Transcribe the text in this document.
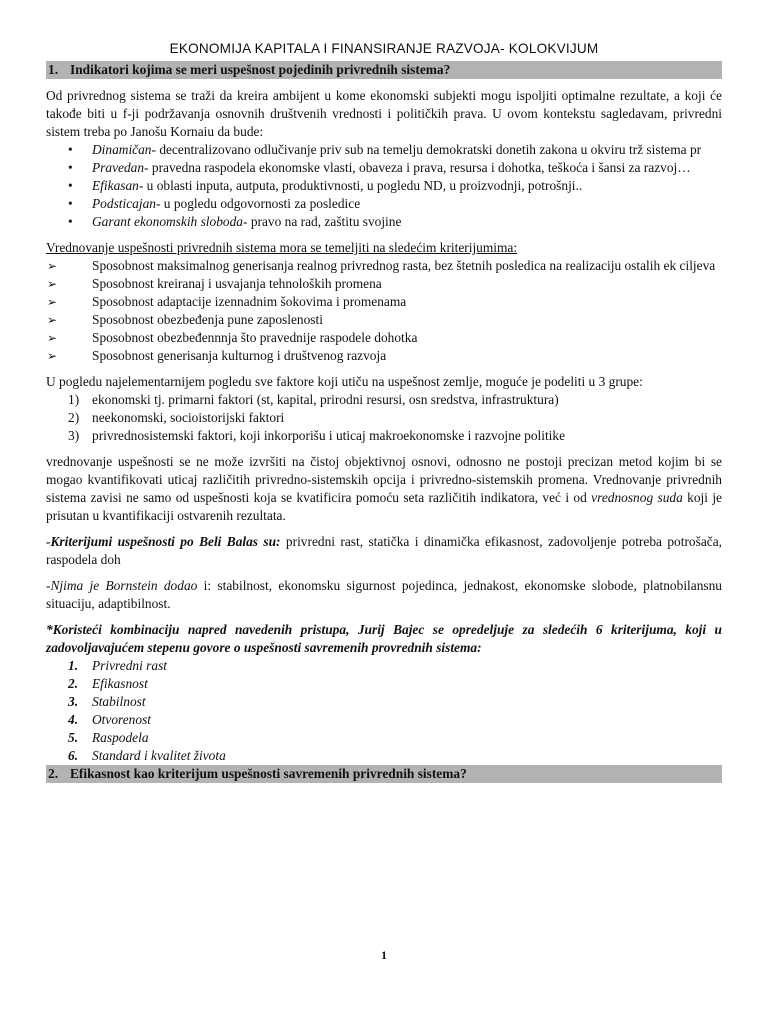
EKONOMIJA KAPITALA I FINANSIRANJE RAZVOJA- KOLOKVIJUM
1. Indikatori kojima se meri uspešnost pojedinih privrednih sistema?

Od privrednog sistema se traži da kreira ambijent u kome ekonomski subjekti mogu ispoljiti optimalne rezultate, a koji će takođe biti u f-ji podržavanja osnovnih društvenih vrednosti i političkih prava. U ovom kontekstu sagledavam, privredni sistem treba po Janošu Kornaiu da bude:

• Dinamičan- decentralizovano odlučivanje priv sub na temelju demokratski donetih zakona u okviru trž sistema pr
• Pravedan- pravedna raspodela ekonomske vlasti, obaveza i prava, resursa i dohotka, teškoća i šansi za razvoj…
• Efikasan- u oblasti inputa, autputa, produktivnosti, u pogledu ND, u proizvodnji, potrošnji..
• Podsticajan- u pogledu odgovornosti za posledice
• Garant ekonomskih sloboda- pravo na rad, zaštitu svojine

Vrednovanje uspešnosti privrednih sistema mora se temeljiti na sledećim kriterijumima:

➢	Sposobnost maksimalnog generisanja realnog privrednog rasta, bez štetnih posledica na realizaciju ostalih ek ciljeva
➢	Sposobnost kreiranaj i usvajanja tehnoloških promena
➢	Sposobnost adaptacije izennadnim šokovima i promenama
➢	Sposobnost obezbeđenja pune zaposlenosti
➢	Sposobnost obezbeđennnja što pravednije raspodele dohotka
➢	Sposobnost generisanja kulturnog i društvenog razvoja

U pogledu najelementarnijem pogledu sve faktore koji utiču na uspešnost zemlje, moguće je podeliti u 3 grupe:

1) ekonomski tj. primarni faktori (st, kapital, prirodni resursi, osn sredstva, infrastruktura)
2) neekonomski, socioistorijski faktori
3) privrednosistemski faktori, koji inkorporišu i uticaj makroekonomske i razvojne politike

vrednovanje uspešnosti se ne može izvršiti na čistoj objektivnoj osnovi, odnosno ne postoji precizan metod kojim bi se mogao kvantifikovati uticaj različitih privredno-sistemskih opcija i privredno-sistemskih promena. Vrednovanje privrednih sistema zavisi ne samo od uspešnosti koja se kvatificira pomoću seta različitih indikatora, već i od vrednosnog suda koji je prisutan u kvantifikaciji ostvarenih rezultata.

-Kriterijumi uspešnosti po Beli Balas su: privredni rast, statička i dinamička efikasnost, zadovoljenje potreba potrošača, raspodela doh

-Njima je Bornstein dodao i: stabilnost, ekonomsku sigurnost pojedinca, jednakost, ekonomske slobode, platnobilansnu situaciju, adaptibilnost.

*Koristeći kombinaciju napred navedenih pristupa, Jurij Bajec se opredeljuje za sledećih 6 kriterijuma, koji u zadovoljavajućem stepenu govore o uspešnosti savremenih provrednih sistema:

1. Privredni rast
2. Efikasnost
3. Stabilnost
4. Otvorenost
5. Raspodela
6. Standard i kvalitet života
2. Efikasnost kao kriterijum uspešnosti savremenih privrednih sistema?
1
